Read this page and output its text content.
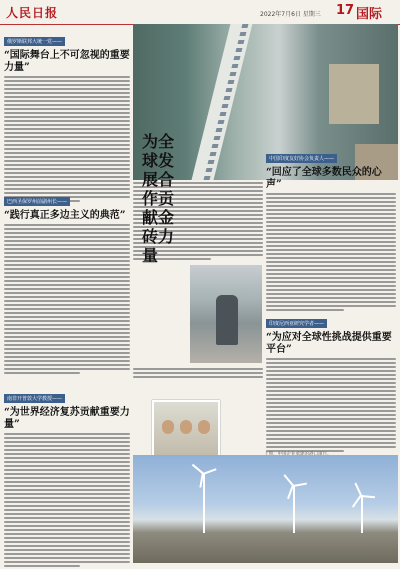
人民日报	2022年7月6日 星期三 17 国际
俄罗斯联邦大统一党——
“国际舞台上不可忽视的重要力量”
巴西圣保罗州前副州长——
“践行真正多边主义的典范”
南非开普敦大学教授——
“为世界经济复苏贡献重要力量”
为全球发展合作贡献金砖力量
中国印度友好协会负责人——
“回应了全球多数民众的心声”
印度尼西亚研究学者——
“为应对全球性挑战提供重要平台”
